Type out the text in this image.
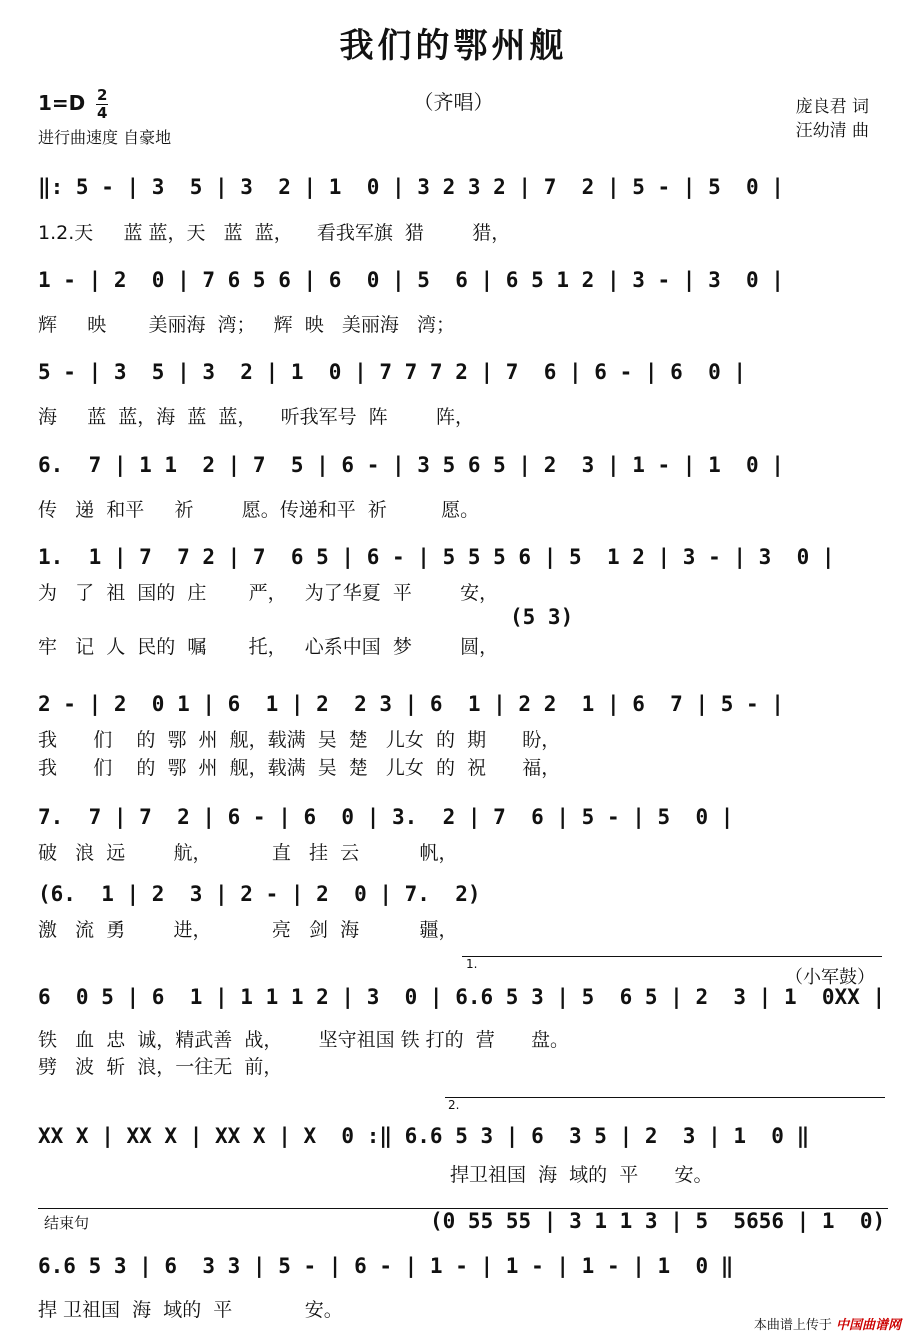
我们的鄂州舰
$1=D \frac{2}{4}$	（齐唱）	庞良君 词
汪幼清 曲
进行曲速度 自豪地
‖: 5 - | 3  5 | 3  2 | 1  0 | 3 2 3 2 | 7  2 | 5 - | 5  0 |
1.2.天     蓝 蓝，天   蓝  蓝，    看我军旗  猎        猎，
1 - | 2  0 | 7 6 5 6 | 6  0 | 5  6 | 6 5 1 2 | 3 - | 3  0 |
辉     映       美丽海  湾；   辉  映   美丽海   湾；
5 - | 3  5 | 3  2 | 1  0 | 7 7 7 2 | 7  6 | 6 - | 6  0 |
海     蓝  蓝，海  蓝  蓝，    听我军号  阵        阵，
6.  7 | 1 1  2 | 7  5 | 6 - | 3 5 6 5 | 2  3 | 1 - | 1  0 |
传   递  和平     祈        愿。传递和平  祈         愿。
1.  1 | 7  7 2 | 7  6 5 | 6 - | 5 5 5 6 | 5  1 2 | 3 - | 3  0 |
为   了  祖  国的  庄       严，   为了华夏  平        安，
(5 3)
牢   记  人  民的  嘱       托，   心系中国  梦        圆，
2 - | 2  0 1 | 6  1 | 2  2 3 | 6  1 | 2 2  1 | 6  7 | 5 - |
我      们    的  鄂  州  舰，载满  吴  楚   儿女  的  期      盼，
我      们    的  鄂  州  舰，载满  吴  楚   儿女  的  祝      福，
7.  7 | 7  2 | 6 - | 6  0 | 3.  2 | 7  6 | 5 - | 5  0 |
破   浪  远        航，          直   挂  云          帆，
(6.  1 | 2  3 | 2 - | 2  0 | 7.  2)
激   流  勇        进，          亮   剑  海          疆，
6  0 5 | 6  1 | 1 1 1 2 | 3  0 | 6.6 5 3 | 5  6 5 | 2  3 | 1  0XX |
铁   血  忠  诚，精武善  战，      坚守祖国 铁 打的  营      盘。
劈   波  斩  浪，一往无  前，
XX X | XX X | XX X | X  0 :‖ 6.6 5 3 | 6  3 5 | 2  3 | 1  0 ‖
捍卫祖国  海  域的  平      安。
(0 55 55 | 3 1 1 3 | 5  5656 | 1  0)
6.6 5 3 | 6  3 3 | 5 - | 6 - | 1 - | 1 - | 1 - | 1  0 ‖
捍 卫祖国  海  域的  平            安。
1.
（小军鼓）
2.
结束句
本曲谱上传于 中国曲谱网
